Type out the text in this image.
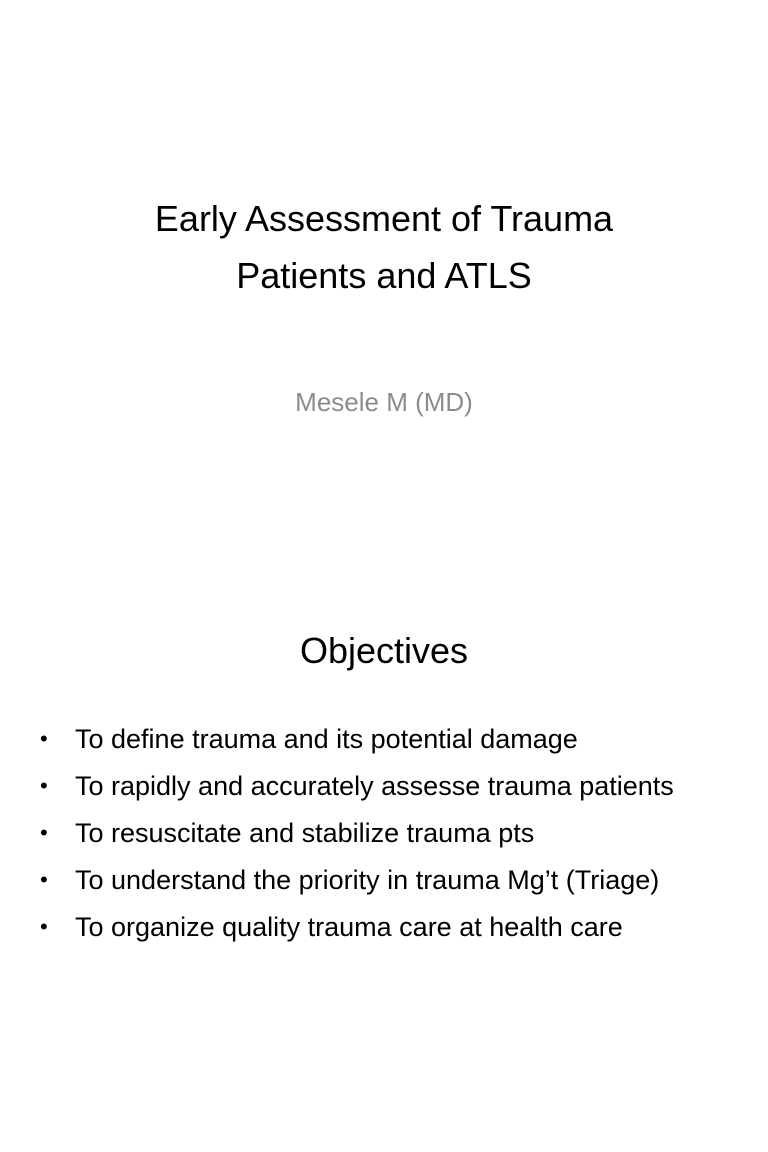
Early Assessment of Trauma
Patients and ATLS
Mesele M (MD)
Objectives
•	To define trauma and its potential damage
•	To rapidly and accurately assesse trauma patients
•	To resuscitate and stabilize trauma pts
•	To understand the priority in trauma Mg’t (Triage)
•	To organize quality trauma care at health care
